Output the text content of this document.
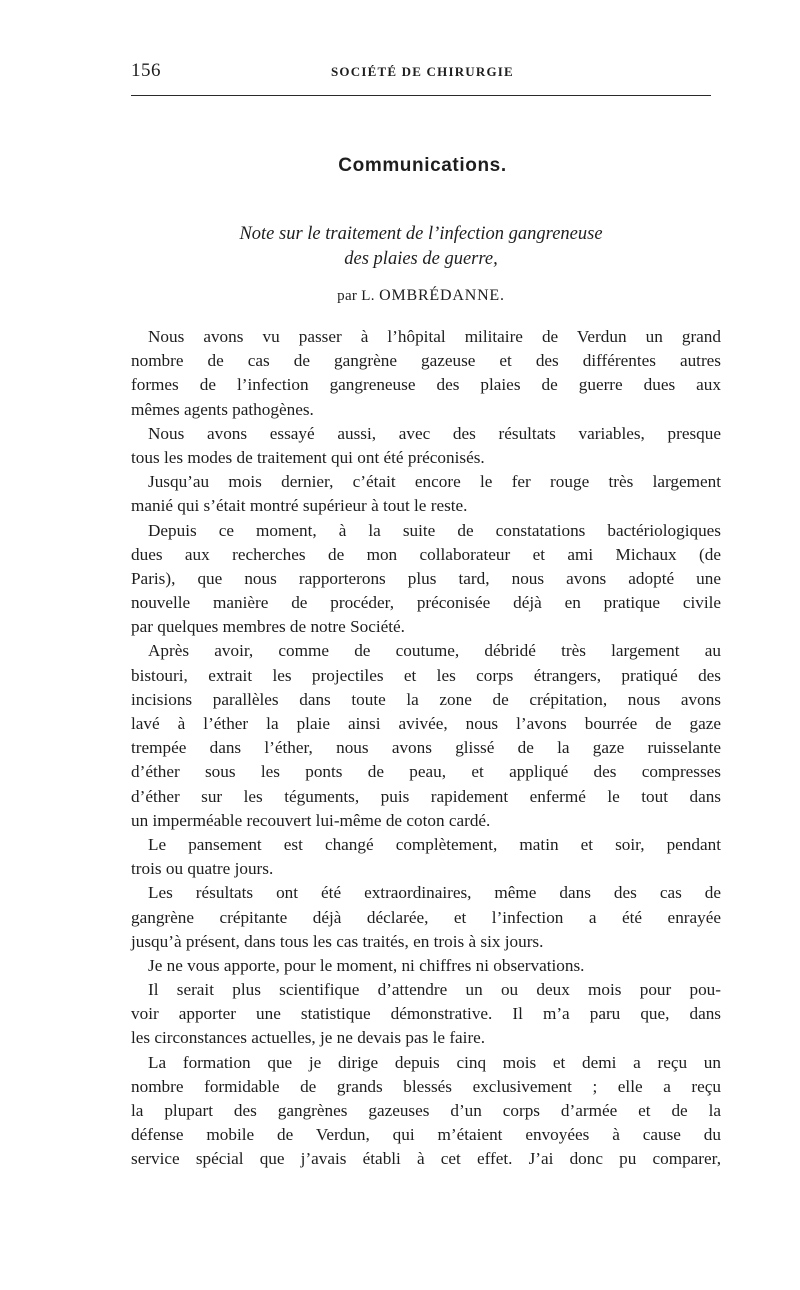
156	SOCIÉTÉ DE CHIRURGIE
Communications.
Note sur le traitement de l’infection gangreneuse
des plaies de guerre,
par L. OMBRÉDANNE.
Nous avons vu passer à l’hôpital militaire de Verdun un grand
nombre de cas de gangrène gazeuse et des différentes autres
formes de l’infection gangreneuse des plaies de guerre dues aux
mêmes agents pathogènes.
Nous avons essayé aussi, avec des résultats variables, presque
tous les modes de traitement qui ont été préconisés.
Jusqu’au mois dernier, c’était encore le fer rouge très largement
manié qui s’était montré supérieur à tout le reste.
Depuis ce moment, à la suite de constatations bactériologiques
dues aux recherches de mon collaborateur et ami Michaux (de
Paris), que nous rapporterons plus tard, nous avons adopté une
nouvelle manière de procéder, préconisée déjà en pratique civile
par quelques membres de notre Société.
Après avoir, comme de coutume, débridé très largement au
bistouri, extrait les projectiles et les corps étrangers, pratiqué des
incisions parallèles dans toute la zone de crépitation, nous avons
lavé à l’éther la plaie ainsi avivée, nous l’avons bourrée de gaze
trempée dans l’éther, nous avons glissé de la gaze ruisselante
d’éther sous les ponts de peau, et appliqué des compresses
d’éther sur les téguments, puis rapidement enfermé le tout dans
un imperméable recouvert lui-même de coton cardé.
Le pansement est changé complètement, matin et soir, pendant
trois ou quatre jours.
Les résultats ont été extraordinaires, même dans des cas de
gangrène crépitante déjà déclarée, et l’infection a été enrayée
jusqu’à présent, dans tous les cas traités, en trois à six jours.
Je ne vous apporte, pour le moment, ni chiffres ni observations.
Il serait plus scientifique d’attendre un ou deux mois pour pou-
voir apporter une statistique démonstrative. Il m’a paru que, dans
les circonstances actuelles, je ne devais pas le faire.
La formation que je dirige depuis cinq mois et demi a reçu un
nombre formidable de grands blessés exclusivement ; elle a reçu
la plupart des gangrènes gazeuses d’un corps d’armée et de la
défense mobile de Verdun, qui m’étaient envoyées à cause du
service spécial que j’avais établi à cet effet. J’ai donc pu comparer,
